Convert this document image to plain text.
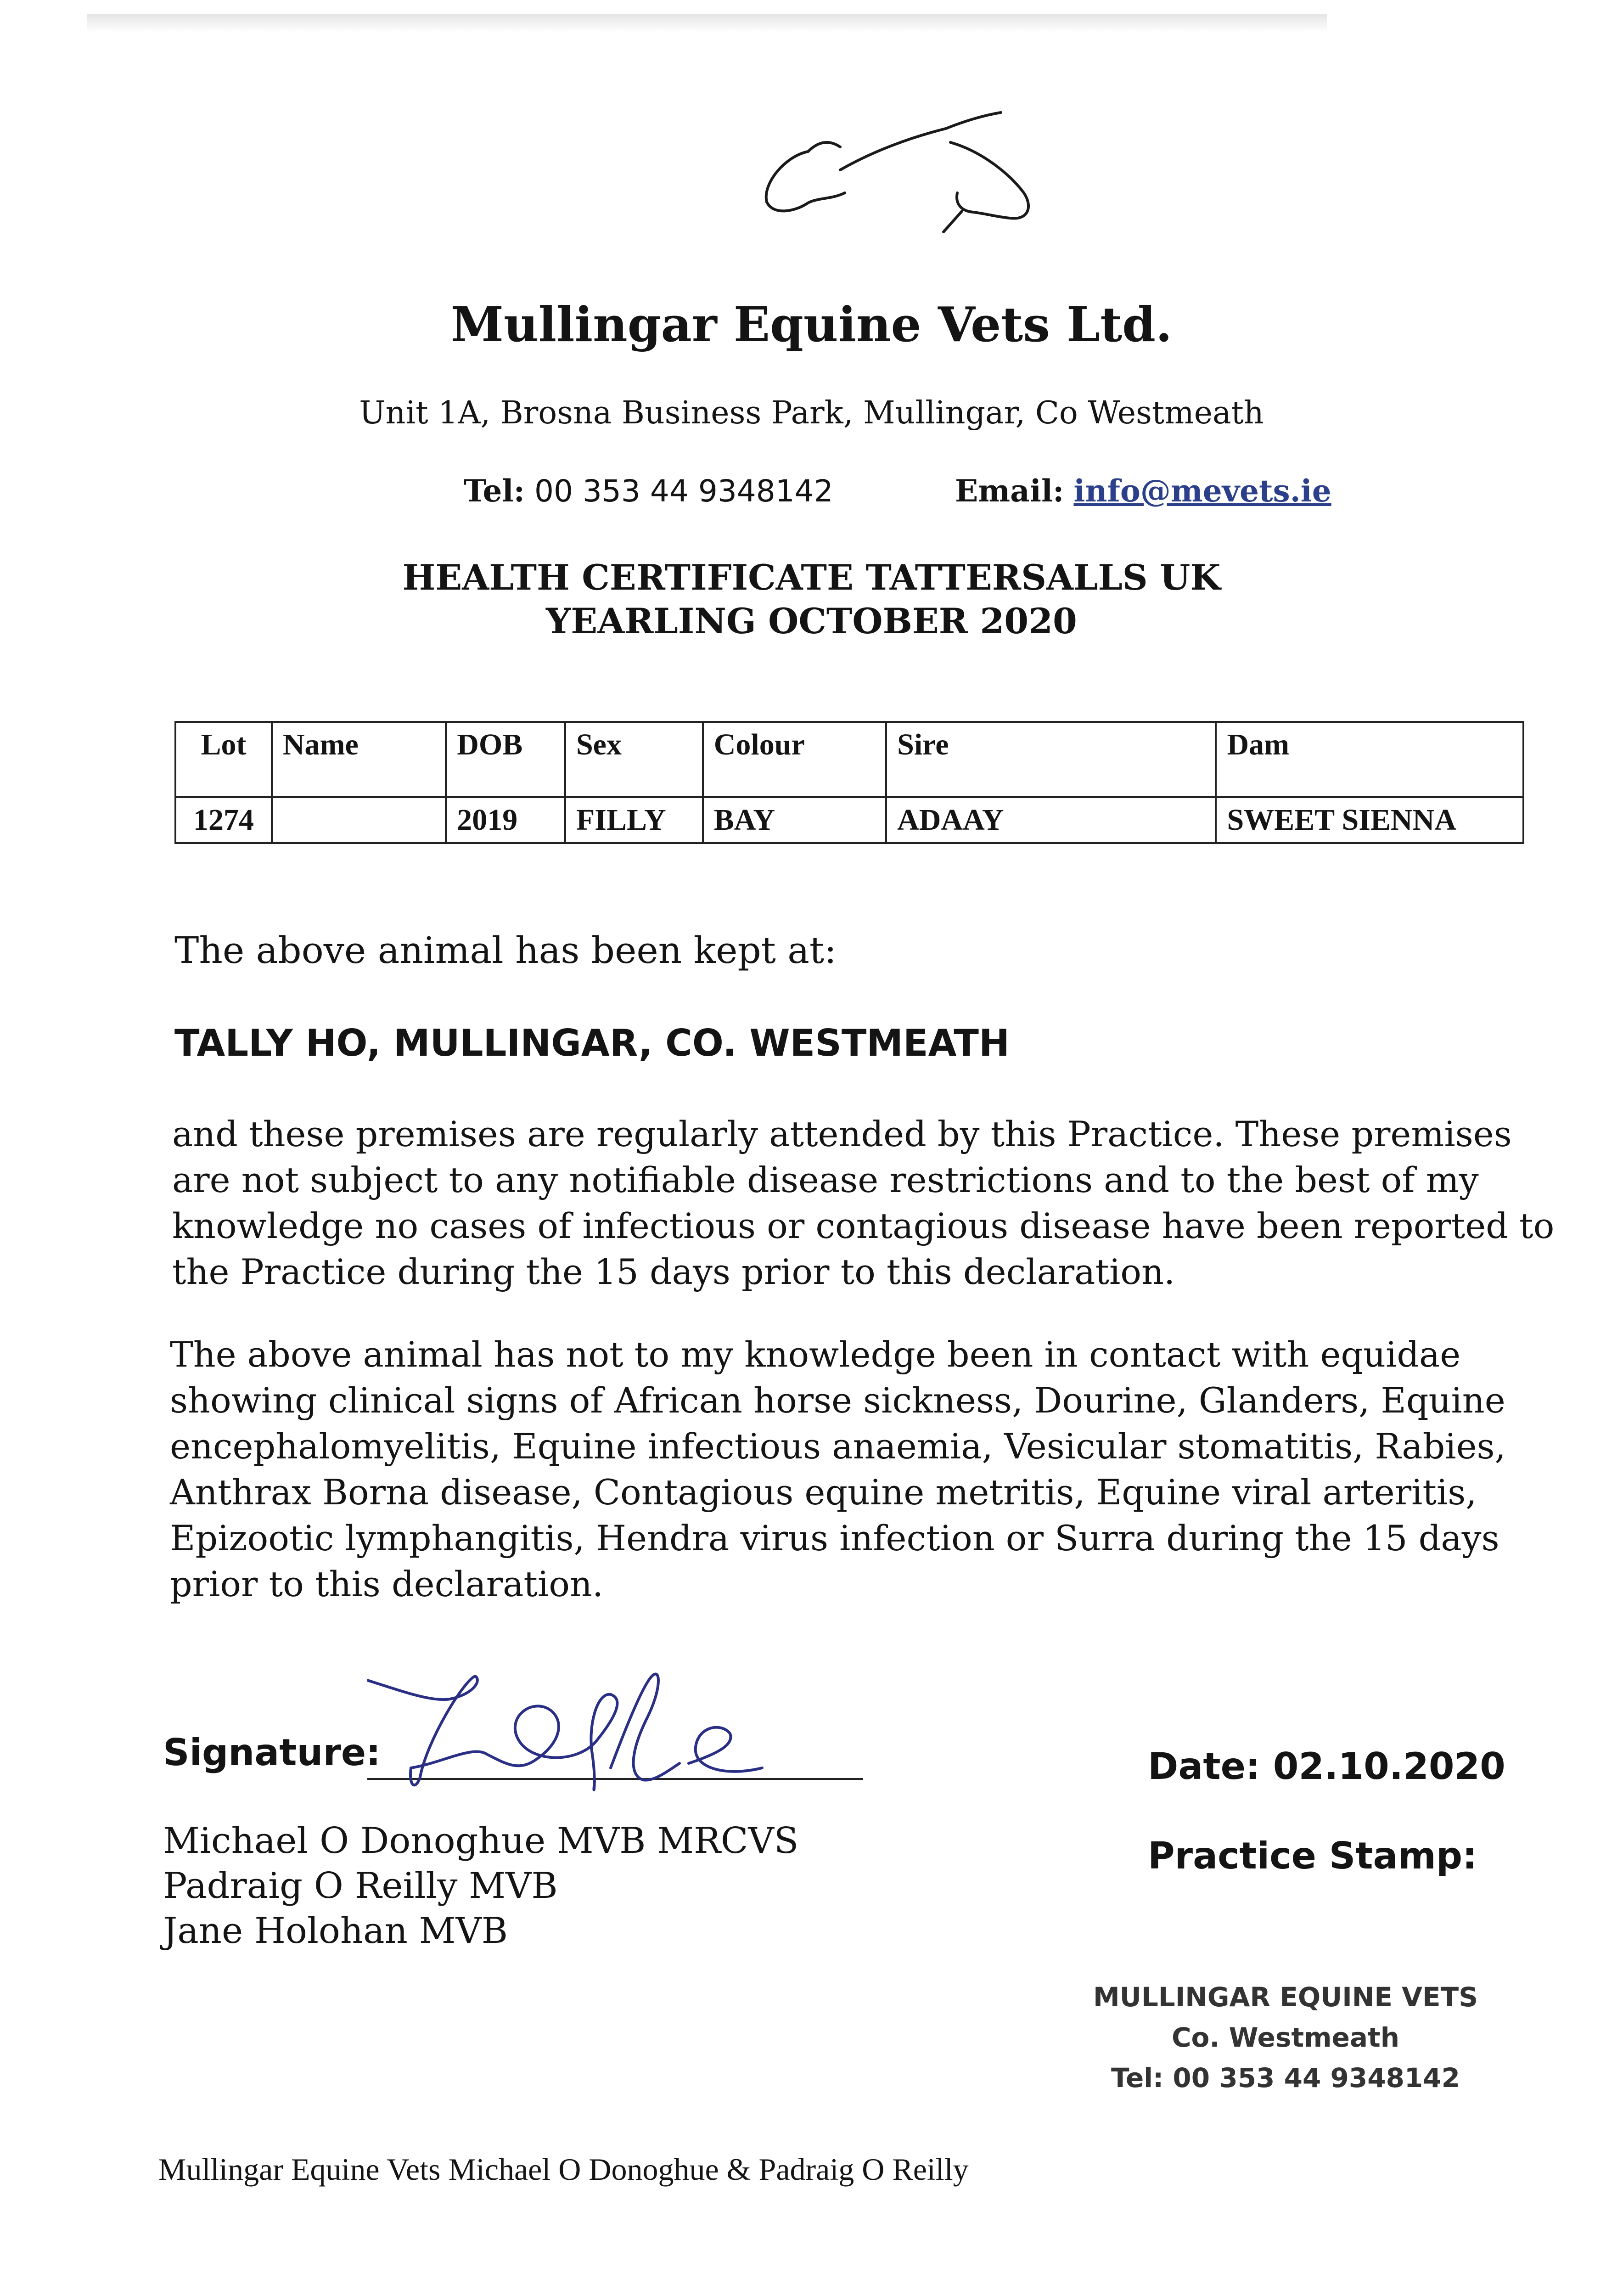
Mullingar Equine Vets Ltd.
Unit 1A, Brosna Business Park, Mullingar, Co Westmeath
Tel: 00 353 44 9348142	Email: info@mevets.ie
HEALTH CERTIFICATE TATTERSALLS UK
YEARLING OCTOBER 2020
Lot	Name	DOB	Sex	Colour	Sire	Dam
1274		2019	FILLY	BAY	ADAAY	SWEET SIENNA
The above animal has been kept at:
TALLY HO, MULLINGAR, CO. WESTMEATH
and these premises are regularly attended by this Practice. These premises are not subject to any notifiable disease restrictions and to the best of my knowledge no cases of infectious or contagious disease have been reported to the Practice during the 15 days prior to this declaration.
The above animal has not to my knowledge been in contact with equidae showing clinical signs of African horse sickness, Dourine, Glanders, Equine encephalomyelitis, Equine infectious anaemia, Vesicular stomatitis, Rabies, Anthrax Borna disease, Contagious equine metritis, Equine viral arteritis, Epizootic lymphangitis, Hendra virus infection or Surra during the 15 days prior to this declaration.
Signature:
Michael O Donoghue MVB MRCVS
Padraig O Reilly MVB
Jane Holohan MVB
Date: 02.10.2020
Practice Stamp:
MULLINGAR EQUINE VETS
Co. Westmeath
Tel: 00 353 44 9348142
Mullingar Equine Vets Michael O Donoghue & Padraig O Reilly
